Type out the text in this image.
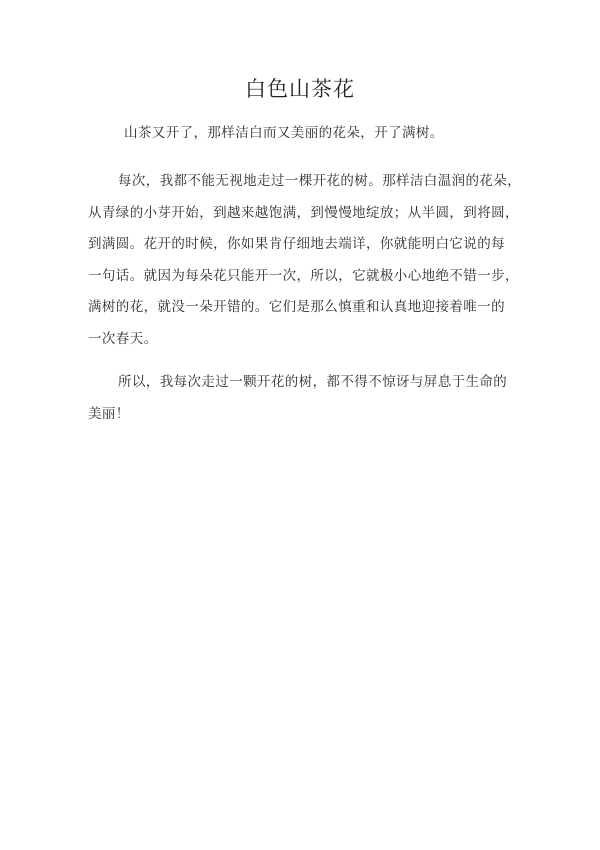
白色山茶花

山茶又开了，那样洁白而又美丽的花朵，开了满树。

每次，我都不能无视地走过一棵开花的树。那样洁白温润的花朵，
从青绿的小芽开始，到越来越饱满，到慢慢地绽放；从半圆，到将圆，
到满圆。花开的时候，你如果肯仔细地去端详，你就能明白它说的每
一句话。就因为每朵花只能开一次，所以，它就极小心地绝不错一步，
满树的花，就没一朵开错的。它们是那么慎重和认真地迎接着唯一的
一次春天。

所以，我每次走过一颗开花的树，都不得不惊讶与屏息于生命的
美丽！
